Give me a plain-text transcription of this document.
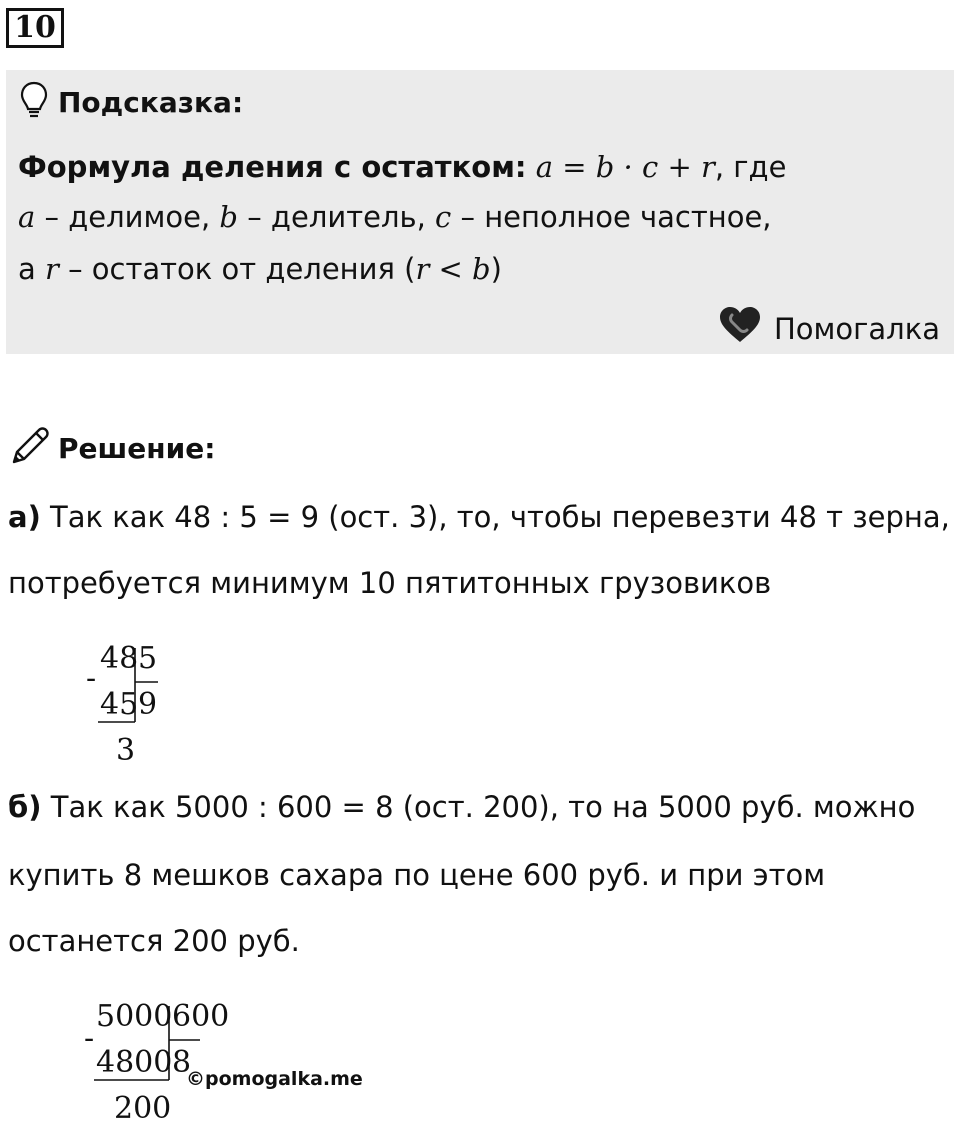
10
Подсказка:
Формула деления с остатком: a = b · c + r, где
a – делимое, b – делитель, c – неполное частное,
а r – остаток от деления (r < b)
Помогалка
Решение:
а) Так как 48 : 5 = 9 (ост. 3), то, чтобы перевезти 48 т зерна,
потребуется минимум 10 пятитонных грузовиков
-
48 5
45 9
3
б) Так как 5000 : 600 = 8 (ост. 200), то на 5000 руб. можно
купить 8 мешков сахара по цене 600 руб. и при этом
останется 200 руб.
-
5000 600
4800 8
200
©pomogalka.me
